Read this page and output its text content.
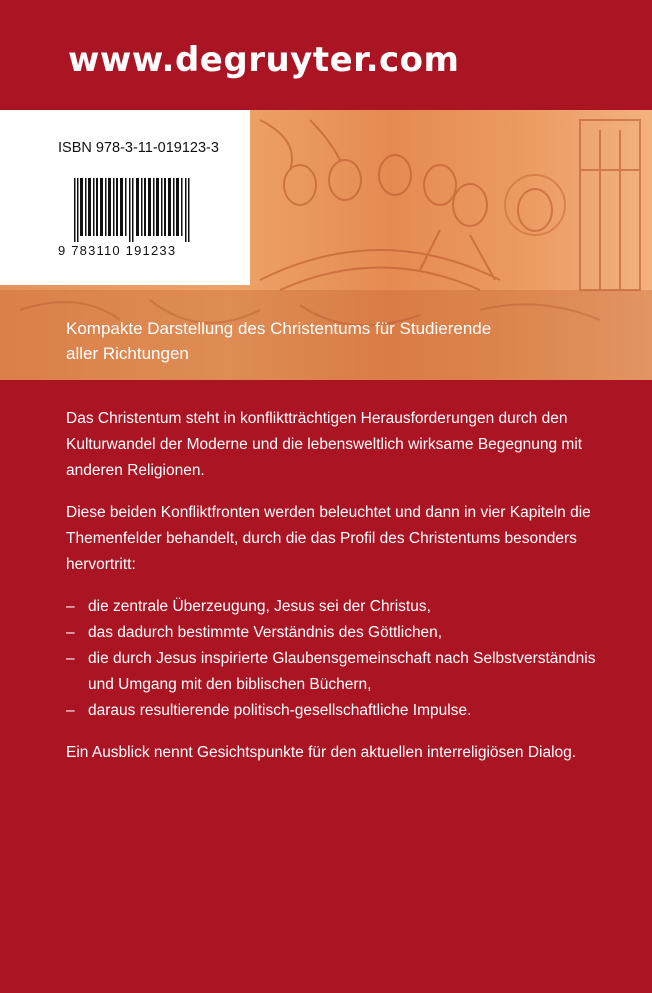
www.degruyter.com
ISBN 978-3-11-019123-3
9 783110 191233
Kompakte Darstellung des Christentums für Studierende
aller Richtungen

Das Christentum steht in konfliktträchtigen Herausforderungen durch den Kulturwandel der Moderne und die lebensweltlich wirksame Begegnung mit anderen Religionen.

Diese beiden Konfliktfronten werden beleuchtet und dann in vier Kapiteln die Themenfelder behandelt, durch die das Profil des Christentums besonders hervortritt:

– die zentrale Überzeugung, Jesus sei der Christus,
– das dadurch bestimmte Verständnis des Göttlichen,
– die durch Jesus inspirierte Glaubensgemeinschaft nach Selbstverständnis und Umgang mit den biblischen Büchern,
– daraus resultierende politisch-gesellschaftliche Impulse.

Ein Ausblick nennt Gesichtspunkte für den aktuellen interreligiösen Dialog.
